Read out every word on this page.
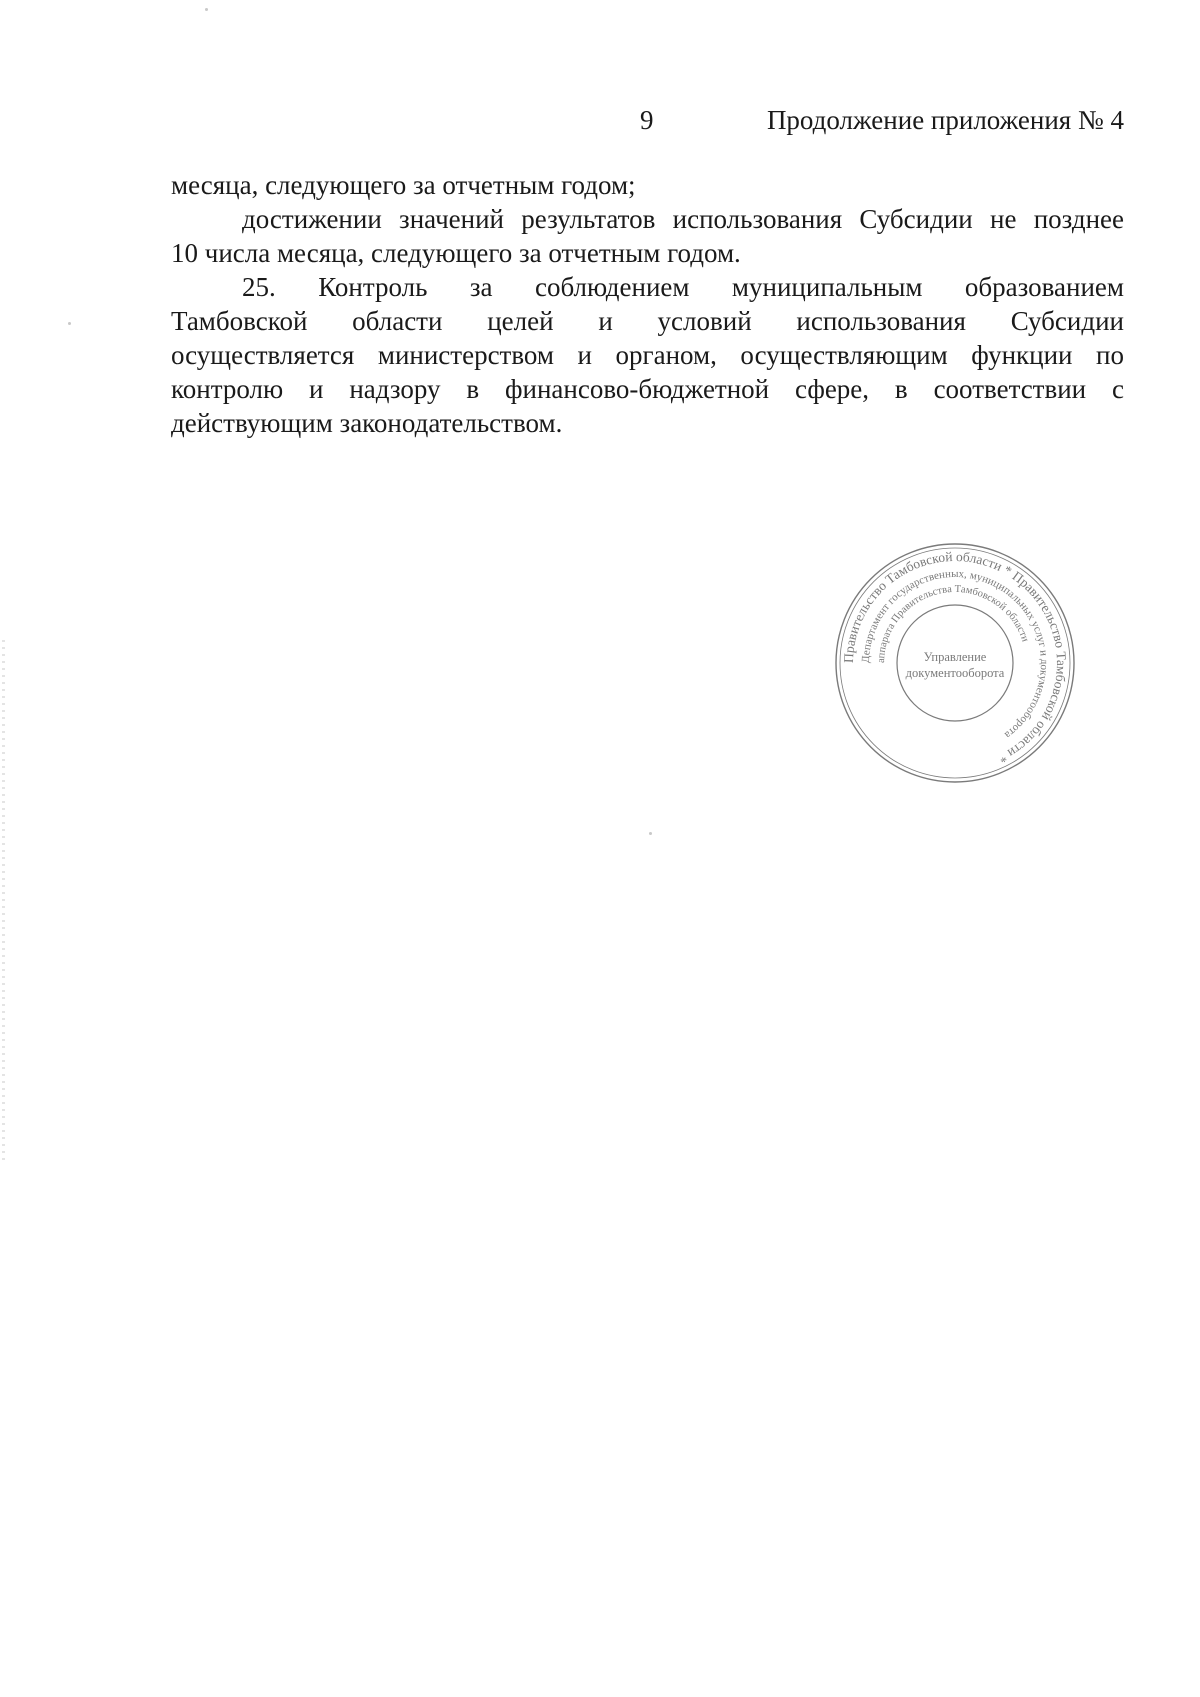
9	Продолжение приложения № 4
месяца, следующего за отчетным годом;
достижении значений результатов использования Субсидии не позднее
10 числа месяца, следующего за отчетным годом.
25. Контроль за соблюдением муниципальным образованием
Тамбовской области целей и условий использования Субсидии
осуществляется министерством и органом, осуществляющим функции по
контролю и надзору в финансово-бюджетной сфере, в соответствии с
действующим законодательством.
Правительство Тамбовской области * Правительство Тамбовской области *
Департамент государственных, муниципальных услуг и документооборота
аппарата Правительства Тамбовской области
Управление
документооборота
